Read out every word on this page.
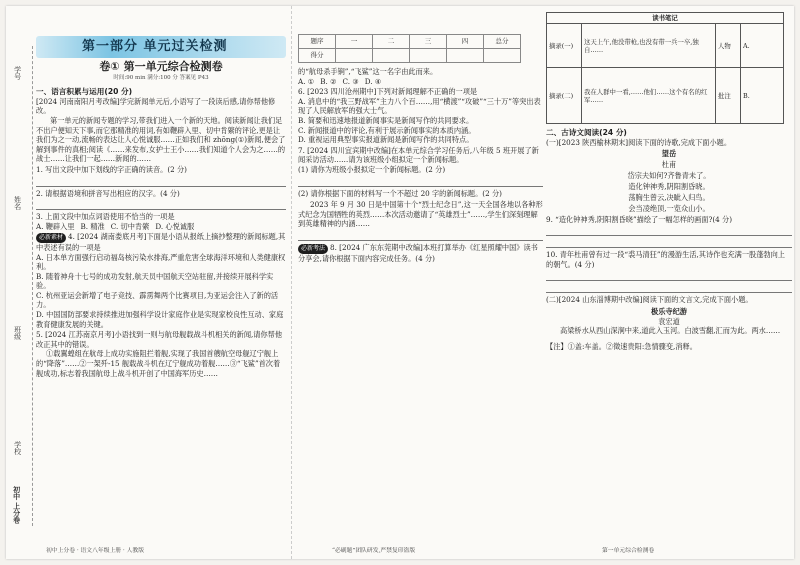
学号
姓名
班级
学校
初中 上分卷
第一部分 单元过关检测
卷① 第一单元综合检测卷
时间:90 min 满分:100 分 答案见 P43
一、语言积累与运用(20 分)

[2024 河南南阳月考改编]学完新闻单元后,小语写了一段读后感,请你帮他修改。

第一单元的新闻专题的学习,带我们进入一个新的天地。阅读新闻让我们足不出户便知天下事,而它那精准的用词,有如鞭辟入里、切中肯綮的评论,更是让我们为之一动,流畅的表达让人心悦诚服……正如我们和 zhōng(①)新闻,便会了解到事件的真相;阅读《……来发布,女护士王小……我们知道个人会为之……的战士……让我们一起……新闻的……

1. 写出文段中加下划线的字正确的读音。(2 分)

2. 请根据语境和拼音写出相应的汉字。(4 分)

3. 上面文段中加点词语使用不恰当的一项是

A. 鞭辟入里 B. 精准 C. 切中肯綮 D. 心悦诚服

必新素材 4. [2024 湖南娄底月考]下面是小语从报纸上摘抄整理的新闻标题,其中表述有误的一项是

A. 日本单方面强行启动福岛核污染水排海,严重危害全球海洋环境和人类健康权利。

B. 随着神舟十七号的成功发射,航天员中国航天空站驻留,并接续开展科学实验。

C. 杭州亚运会新增了电子竞技、霹雳舞两个比赛项目,为亚运会注入了新的活力。

D. 中国国防部要求持续推进加强科学设计家庭作业是实现家校良性互动、家庭教育健康发展的关键。

5. [2024 江苏南京月考]小语找到一则与航母舰载战斗机相关的新闻,请你帮他改正其中的错误。

①载翼蝗组在航母上成功实施阻拦着舰,实现了我国首艘航空母舰辽宁舰上的“降落”……②一架歼-15 舰载战斗机在辽宁舰成功着舰……③“飞鲨”首次着舰成功,标志着我国航母上战斗机开创了中国海军历史……

初中上分卷 · 语文八年级上册 · 人教版
题序	一	二	三	四	总分
得分					

的“航母杀手锏”,“飞鲨”这一名字由此而来。

A. ① B. ② C. ③ D. ④

6. [2023 四川沧州期中]下列对新闻理解不正确的一项是

A. 消息中的“我三野战军”主力八个百……,用“横渡”“攻破”“三十万”等突出表现了人民解放军的强大士气。

B. 简要和迅速地报道新闻事实是新闻写作的共同要求。

C. 新闻报道中的评论,有利于展示新闻事实的本质内涵。

D. 重视运用典型事实报道新闻是新闻写作的共同特点。

7. [2024 四川宜宾期中改编]在本单元综合学习任务后,八年级 5 班开展了新闻采访活动……请为该班级小组拟定一个新闻标题。

(1) 请你为班级小报拟定一个新闻标题。(2 分)

(2) 请你根据下面的材料写一个不超过 20 字的新闻标题。(2 分)

2023 年 9 月 30 日是中国第十个“烈士纪念日”,这一天全国各地以各种形式纪念为国牺牲的英烈……本次活动邀请了“英雄烈士”……,学生们深刻理解到英雄精神的内涵……

必新考法 8. [2024 广东东莞期中改编]本班打算举办《红星照耀中国》读书分享会,请你根据下面内容完成任务。(4 分)

“必刷题”团队研发,严禁复印盗版
读书笔记			
摘录(一)	这天上午,他没带枪,也没有带一兵一卒,独自……	人物	A.
摘录(二)	我在人群中一看,……他们……这个有名的红军……	批注	B.
二、古诗文阅读(24 分)

(一)[2023 陕西榆林期末]阅读下面的诗歌,完成下面小题。

望岳
杜甫
岱宗夫如何?齐鲁青未了。
造化钟神秀,阴阳割昏晓。
荡胸生曾云,决眦入归鸟。
会当凌绝顶,一览众山小。

9. “造化钟神秀,阴阳割昏晓”描绘了一幅怎样的画面?(4 分)

10. 青年杜甫曾有过一段“裘马清狂”的漫游生活,其诗作也充满一股蓬勃向上的朝气。(4 分)

(二)[2024 山东淄博期中改编]阅读下面的文言文,完成下面小题。

极乐寺纪游
袁宏道

高梁桥水从西山深涧中来,道此入玉河。白波雪翻,汇而为此。两水……

【注】①盖:车盖。②徵速贵阳:急情骤变,消释。

第一单元综合检测卷
